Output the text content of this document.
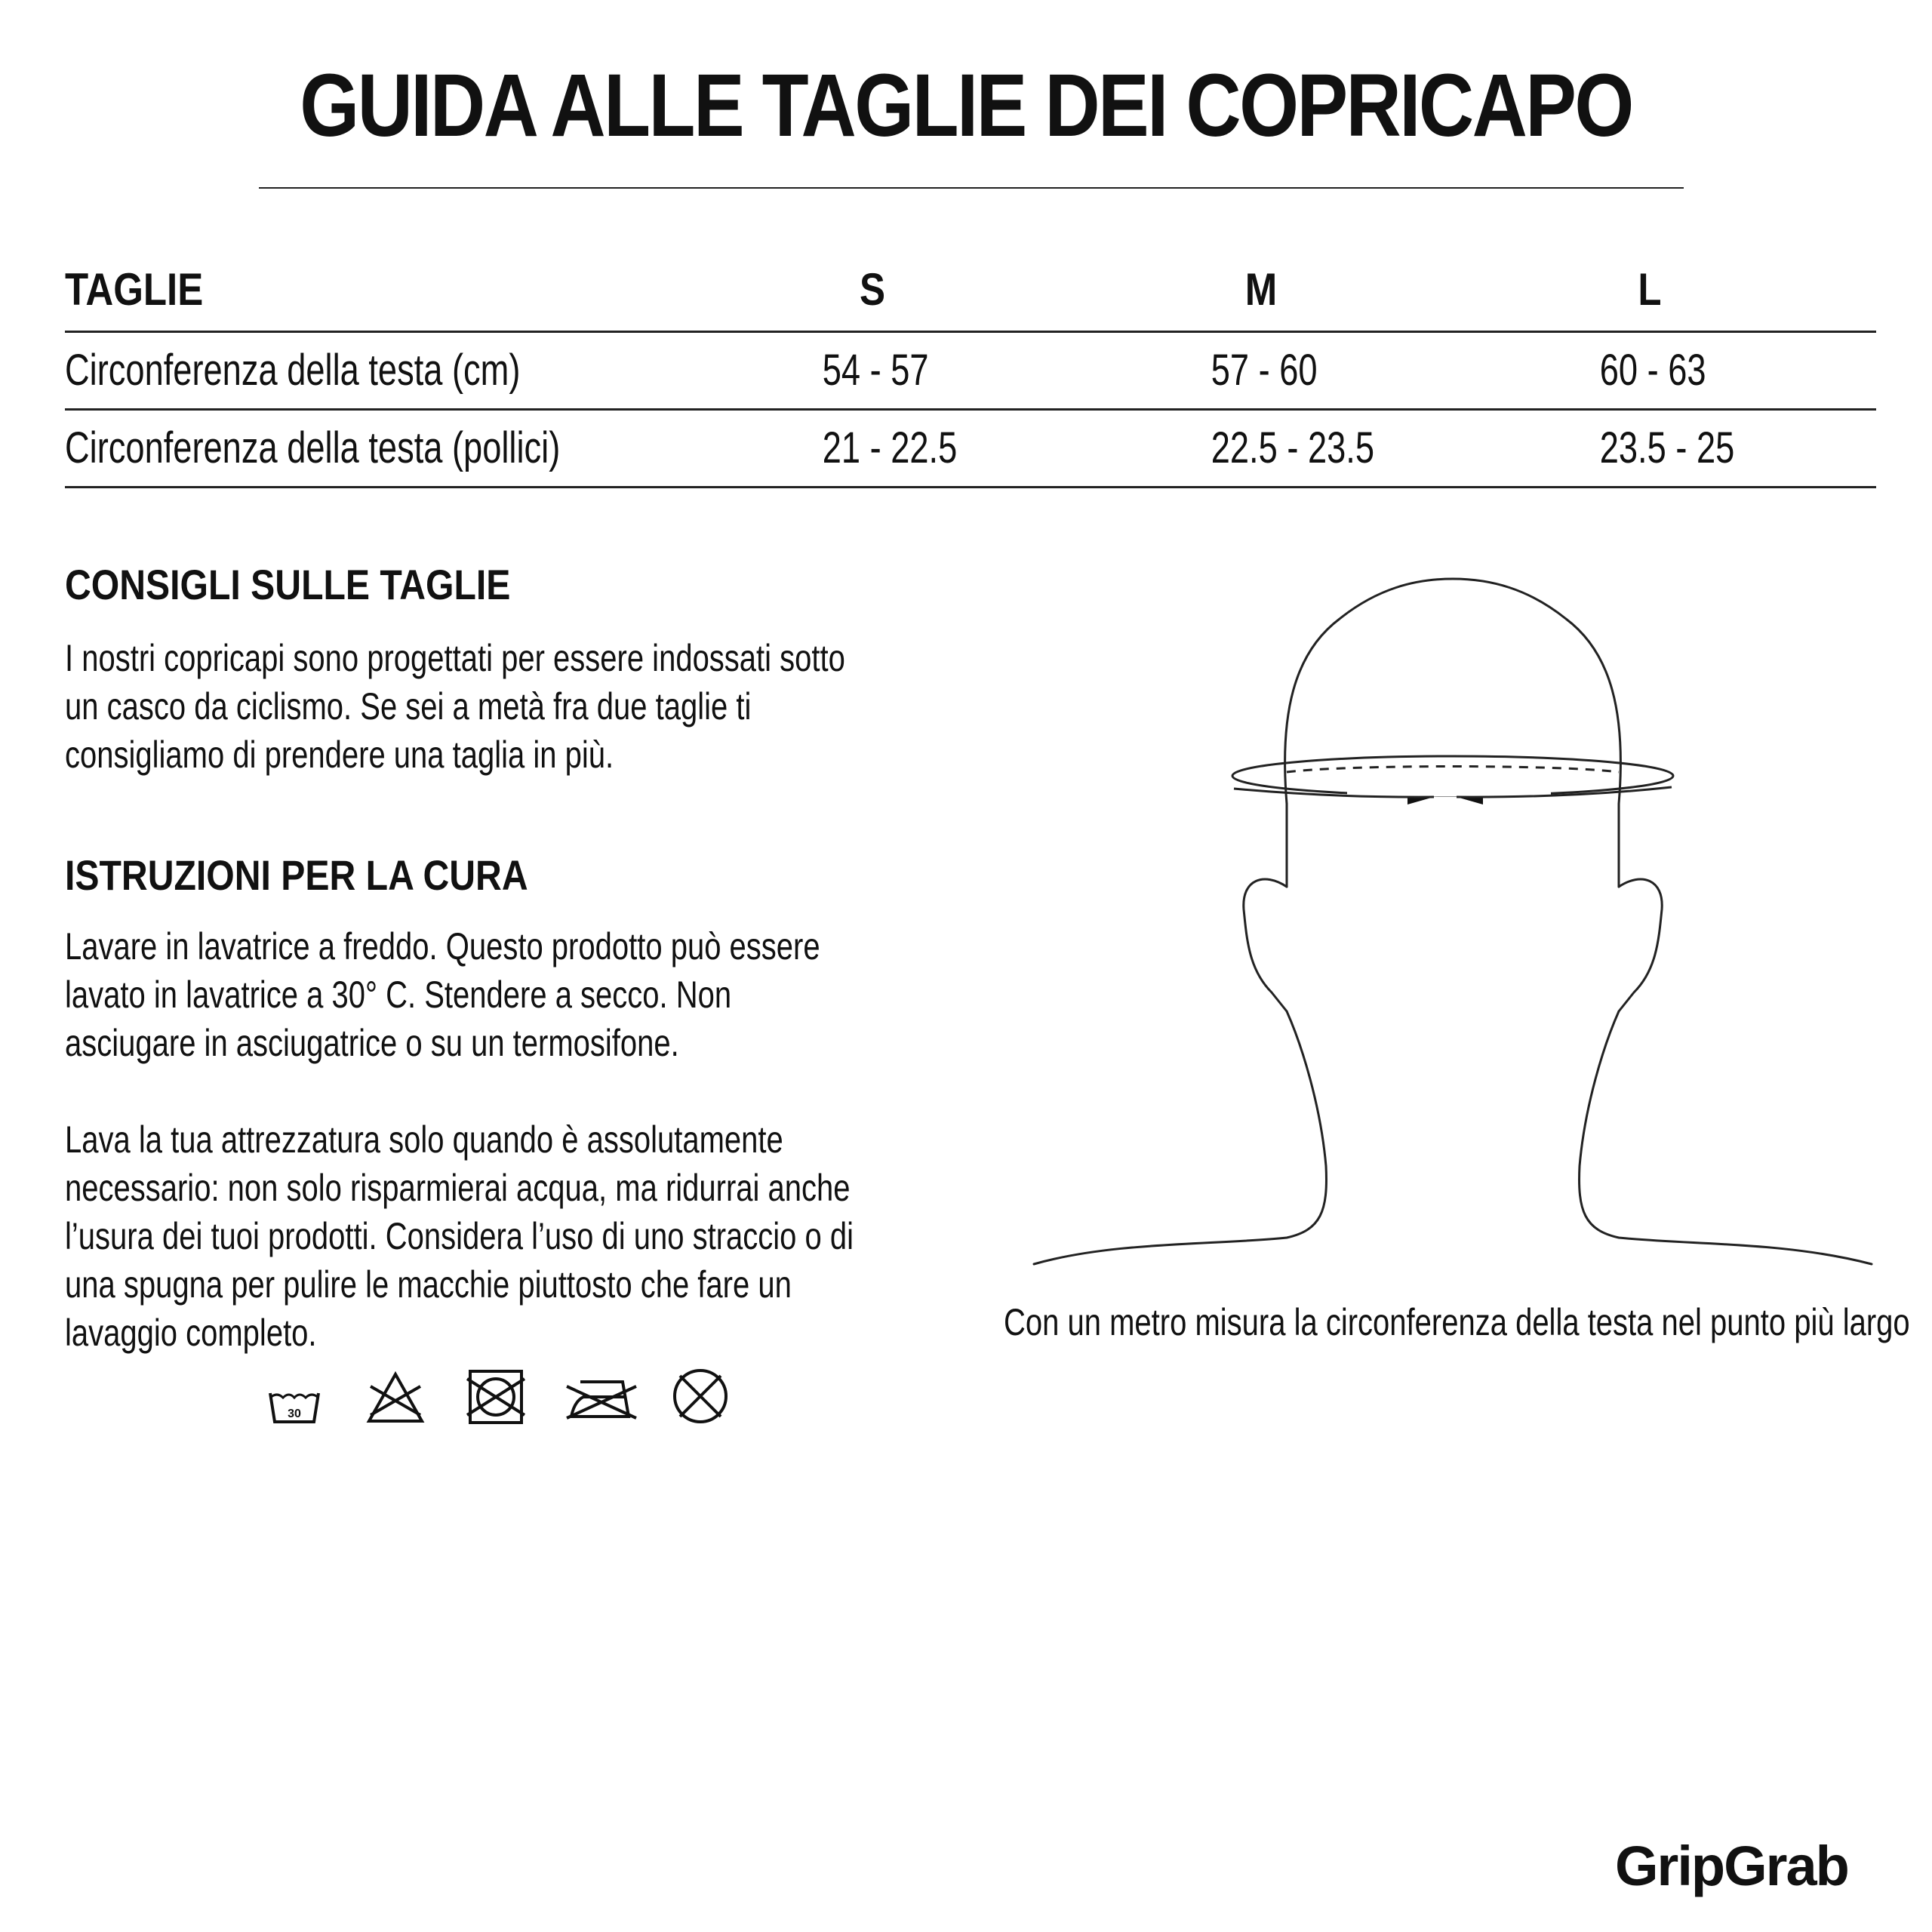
GUIDA ALLE TAGLIE DEI COPRICAPO
TAGLIE	S	M	L
Circonferenza della testa (cm)	54 - 57	57 - 60	60 - 63
Circonferenza della testa (pollici)	21 - 22.5	22.5 - 23.5	23.5 - 25
CONSIGLI SULLE TAGLIE
I nostri copricapi sono progettati per essere indossati sotto un casco da ciclismo. Se sei a metà fra due taglie ti consigliamo di prendere una taglia in più.
ISTRUZIONI PER LA CURA
Lavare in lavatrice a freddo. Questo prodotto può essere lavato in lavatrice a 30° C. Stendere a secco. Non asciugare in asciugatrice o su un termosifone.
Lava la tua attrezzatura solo quando è assolutamente necessario: non solo risparmierai acqua, ma ridurrai anche l’usura dei tuoi prodotti. Considera l’uso di uno straccio o di una spugna per pulire le macchie piuttosto che fare un lavaggio completo.
30
Con un metro misura la circonferenza della testa nel punto più largo
GripGrab
